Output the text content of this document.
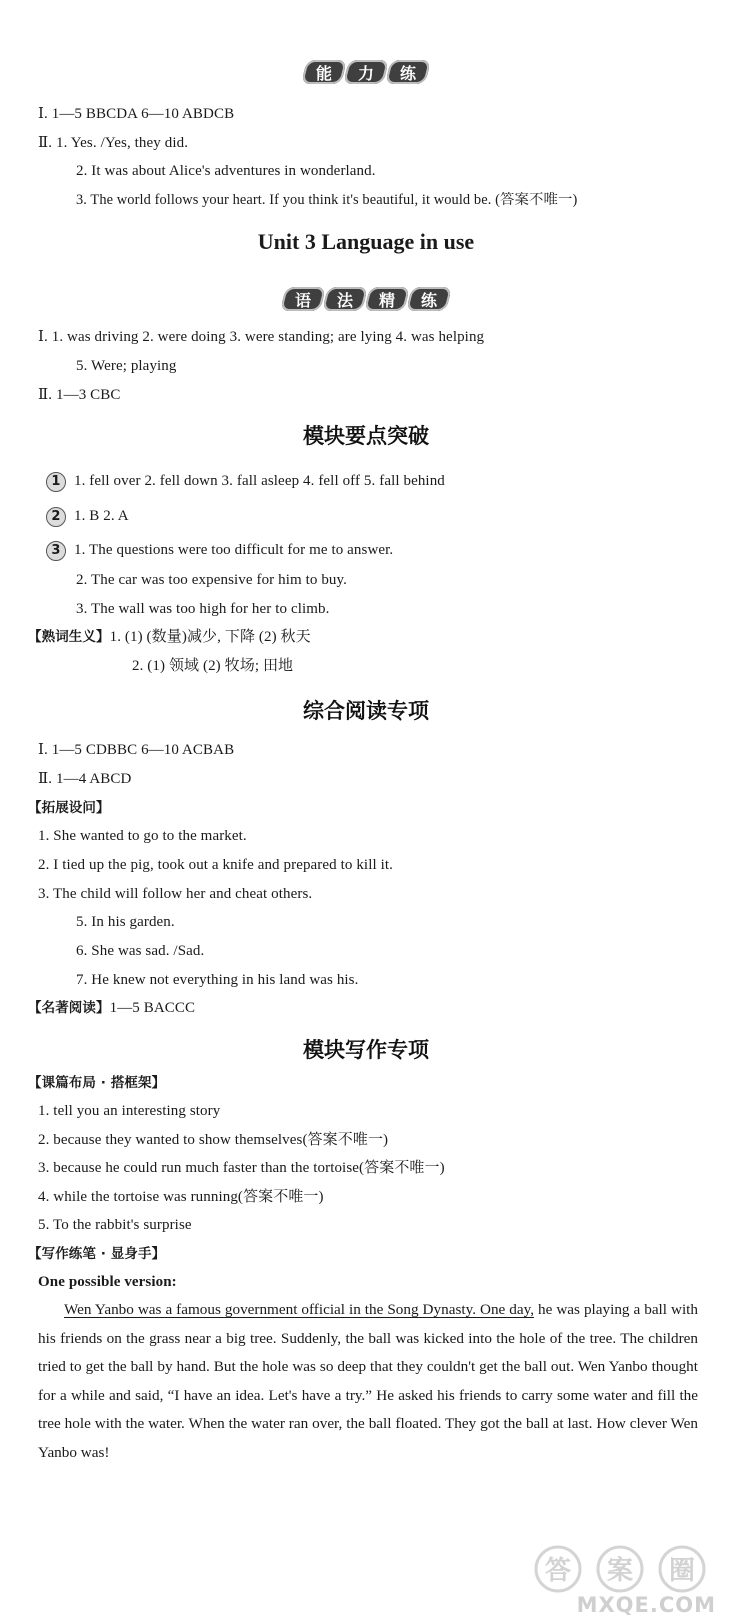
能 力 练
Ⅰ. 1—5 BBCDA 6—10 ABDCB
Ⅱ. 1. Yes. /Yes, they did.
2. It was about Alice's adventures in wonderland.
3. The world follows your heart. If you think it's beautiful, it would be. (答案不唯一)
Unit 3 Language in use
语 法 精 练
Ⅰ. 1. was driving 2. were doing 3. were standing; are lying 4. was helping
5. Were; playing
Ⅱ. 1—3 CBC
模块要点突破
1 1. fell over 2. fell down 3. fall asleep 4. fell off 5. fall behind
2 1. B 2. A
3 1. The questions were too difficult for me to answer.
2. The car was too expensive for him to buy.
3. The wall was too high for her to climb.
【熟词生义】1. (1) (数量)减少, 下降 (2) 秋天
2. (1) 领域 (2) 牧场; 田地
综合阅读专项
Ⅰ. 1—5 CDBBC 6—10 ACBAB
Ⅱ. 1—4 ABCD
【拓展设问】
1. She wanted to go to the market.
2. I tied up the pig, took out a knife and prepared to kill it.
3. The child will follow her and cheat others.
5. In his garden.
6. She was sad. /Sad.
7. He knew not everything in his land was his.
【名著阅读】1—5 BACCC
模块写作专项
【课篇布局 · 搭框架】
1. tell you an interesting story
2. because they wanted to show themselves(答案不唯一)
3. because he could run much faster than the tortoise(答案不唯一)
4. while the tortoise was running(答案不唯一)
5. To the rabbit's surprise
【写作练笔 · 显身手】
One possible version:
Wen Yanbo was a famous government official in the Song Dynasty. One day, he was playing a ball with his friends on the grass near a big tree. Suddenly, the ball was kicked into the hole of the tree. The children tried to get the ball by hand. But the hole was so deep that they couldn't get the ball out. Wen Yanbo thought for a while and said, “I have an idea. Let's have a try.” He asked his friends to carry some water and fill the tree hole with the water. When the water ran over, the ball floated. They got the ball at last. How clever Wen Yanbo was!
答 案 圈
MXQE.COM
